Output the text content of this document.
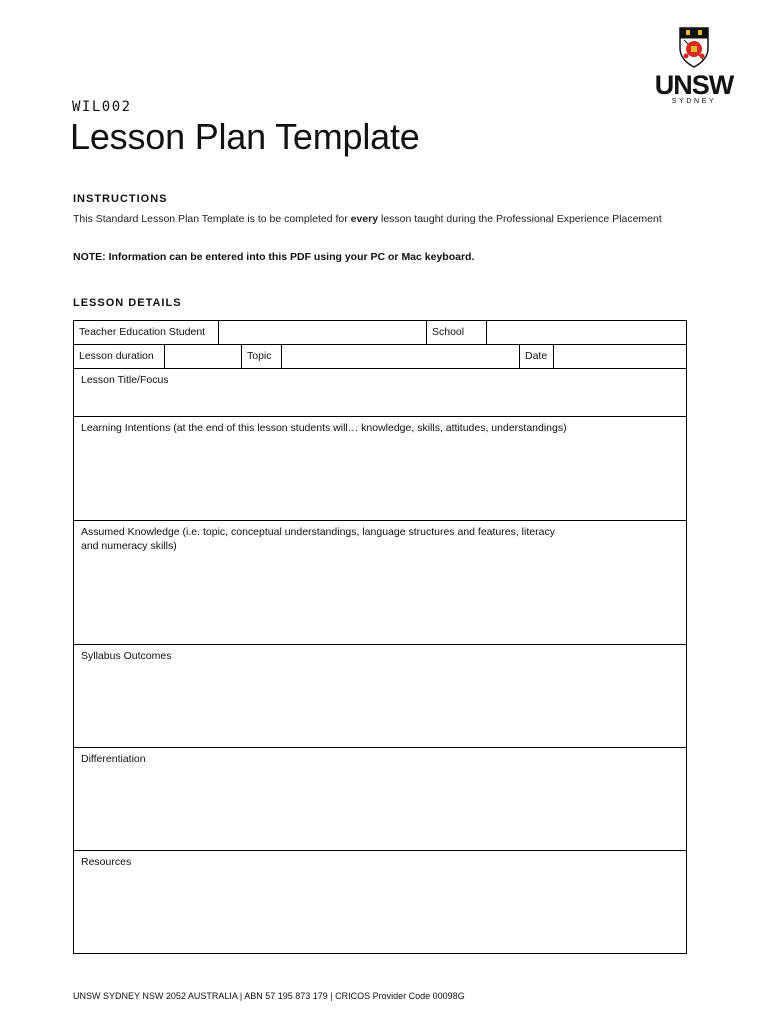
WIL002
Lesson Plan Template
UNSW
SYDNEY
INSTRUCTIONS

This Standard Lesson Plan Template is to be completed for every lesson taught during the Professional Experience Placement

NOTE: Information can be entered into this PDF using your PC or Mac keyboard.

LESSON DETAILS
Teacher Education Student	School
Lesson duration	Topic	Date
Lesson Title/Focus
Learning Intentions (at the end of this lesson students will… knowledge, skills, attitudes, understandings)
Assumed Knowledge (i.e. topic, conceptual understandings, language structures and features, literacy and numeracy skills)
Syllabus Outcomes
Differentiation
Resources
UNSW SYDNEY NSW 2052 AUSTRALIA | ABN 57 195 873 179 | CRICOS Provider Code 00098G
